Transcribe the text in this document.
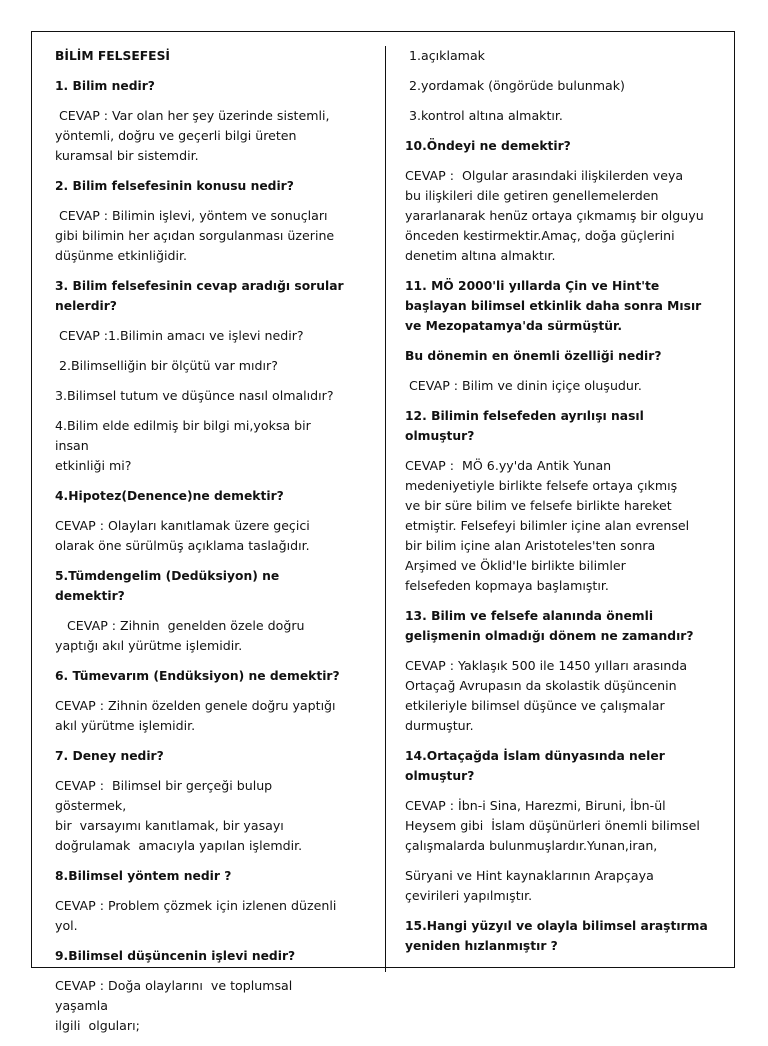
BİLİM FELSEFESİ
1. Bilim nedir?
CEVAP : Var olan her şey üzerinde sistemli,
yöntemli, doğru ve geçerli bilgi üreten
kuramsal bir sistemdir.
2. Bilim felsefesinin konusu nedir?
CEVAP : Bilimin işlevi, yöntem ve sonuçları
gibi bilimin her açıdan sorgulanması üzerine
düşünme etkinliğidir.
3. Bilim felsefesinin cevap aradığı sorular
nelerdir?
CEVAP :1.Bilimin amacı ve işlevi nedir?
2.Bilimselliğin bir ölçütü var mıdır?
3.Bilimsel tutum ve düşünce nasıl olmalıdır?
4.Bilim elde edilmiş bir bilgi mi,yoksa bir insan
etkinliği mi?
4.Hipotez(Denence)ne demektir?
CEVAP : Olayları kanıtlamak üzere geçici
olarak öne sürülmüş açıklama taslağıdır.
5.Tümdengelim (Dedüksiyon) ne demektir?
CEVAP : Zihnin  genelden özele doğru
yaptığı akıl yürütme işlemidir.
6. Tümevarım (Endüksiyon) ne demektir?
CEVAP : Zihnin özelden genele doğru yaptığı
akıl yürütme işlemidir.
7. Deney nedir?
CEVAP :  Bilimsel bir gerçeği bulup göstermek,
bir  varsayımı kanıtlamak, bir yasayı
doğrulamak  amacıyla yapılan işlemdir.
8.Bilimsel yöntem nedir ?
CEVAP : Problem çözmek için izlenen düzenli
yol.
9.Bilimsel düşüncenin işlevi nedir?
CEVAP : Doğa olaylarını  ve toplumsal yaşamla
ilgili  olguları;
1.açıklamak
2.yordamak (öngörüde bulunmak)
3.kontrol altına almaktır.
10.Öndeyi ne demektir?
CEVAP :  Olgular arasındaki ilişkilerden veya
bu ilişkileri dile getiren genellemelerden
yararlanarak henüz ortaya çıkmamış bir olguyu
önceden kestirmektir.Amaç, doğa güçlerini
denetim altına almaktır.
11. MÖ 2000'li yıllarda Çin ve Hint'te
başlayan bilimsel etkinlik daha sonra Mısır
ve Mezopatamya'da sürmüştür.
Bu dönemin en önemli özelliği nedir?
CEVAP : Bilim ve dinin içiçe oluşudur.
12. Bilimin felsefeden ayrılışı nasıl
olmuştur?
CEVAP :  MÖ 6.yy'da Antik Yunan
medeniyetiyle birlikte felsefe ortaya çıkmış
ve bir süre bilim ve felsefe birlikte hareket
etmiştir. Felsefeyi bilimler içine alan evrensel
bir bilim içine alan Aristoteles'ten sonra
Arşimed ve Öklid'le birlikte bilimler
felsefeden kopmaya başlamıştır.
13. Bilim ve felsefe alanında önemli
gelişmenin olmadığı dönem ne zamandır?
CEVAP : Yaklaşık 500 ile 1450 yılları arasında
Ortaçağ Avrupasın da skolastik düşüncenin
etkileriyle bilimsel düşünce ve çalışmalar
durmuştur.
14.Ortaçağda İslam dünyasında neler
olmuştur?
CEVAP : İbn-i Sina, Harezmi, Biruni, İbn-ül
Heysem gibi  İslam düşünürleri önemli bilimsel
çalışmalarda bulunmuşlardır.Yunan,iran,
Süryani ve Hint kaynaklarının Arapçaya
çevirileri yapılmıştır.
15.Hangi yüzyıl ve olayla bilimsel araştırma
yeniden hızlanmıştır ?
